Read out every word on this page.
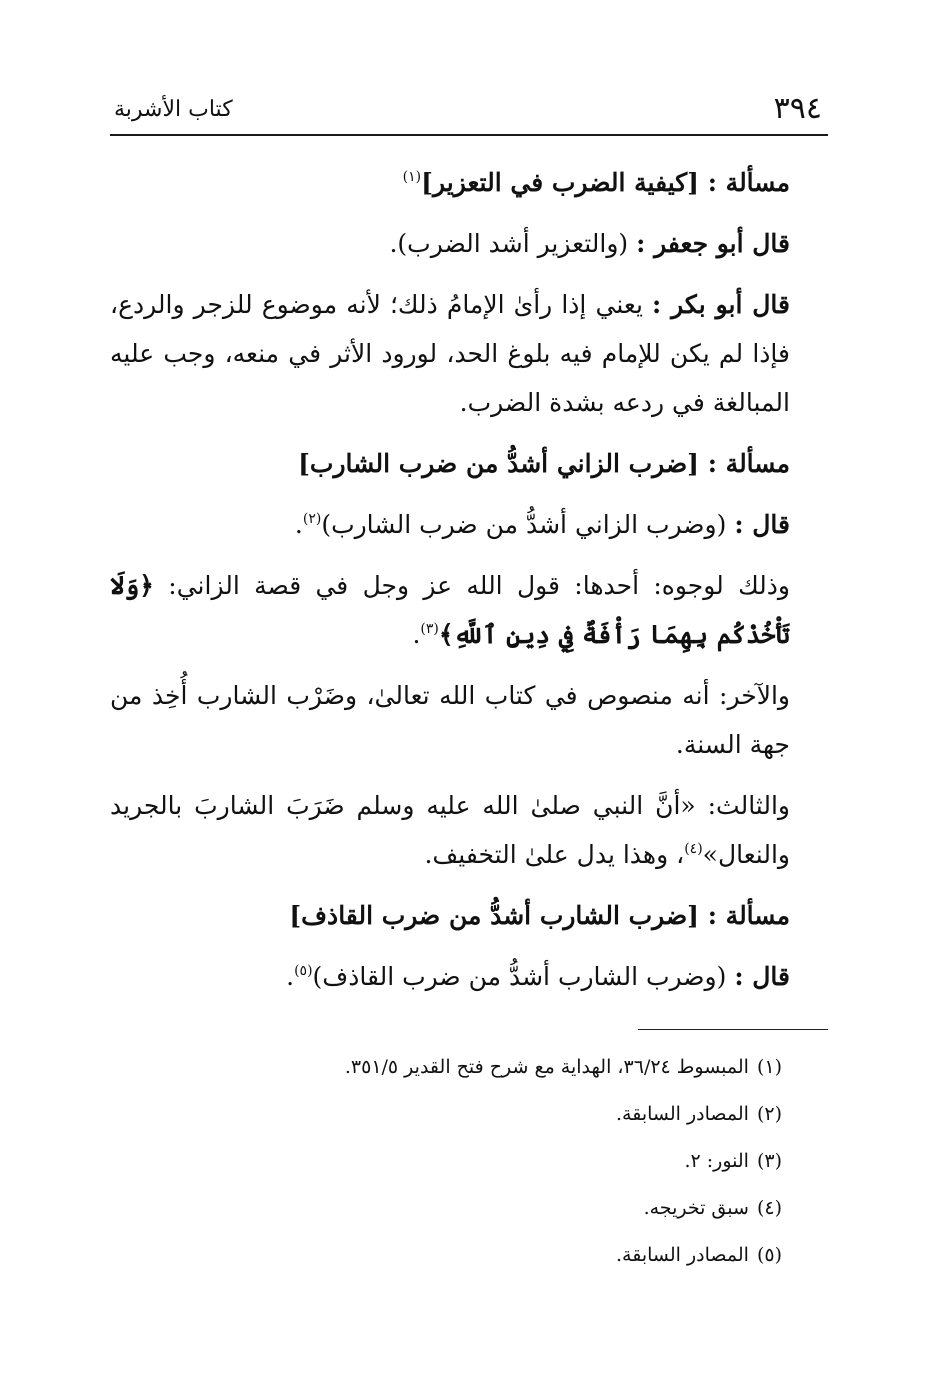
٣٩٤
كتاب الأشربة

مسألة : [كيفية الضرب في التعزير]$^{(١)}$

قال أبو جعفر : (والتعزير أشد الضرب).

قال أبو بكر : يعني إذا رأىٰ الإمامُ ذلك؛ لأنه موضوع للزجر والردع، فإذا لم يكن للإمام فيه بلوغ الحد، لورود الأثر في منعه، وجب عليه المبالغة في ردعه بشدة الضرب.

مسألة : [ضرب الزاني أشدُّ من ضرب الشارب]

قال : (وضرب الزاني أشدُّ من ضرب الشارب)$^{(٢)}$.

وذلك لوجوه: أحدها: قول الله عز وجل في قصة الزاني: ﴿وَلَا تَأْخُذْكُم بِهِمَا رَأْفَةٌ فِي دِينِ ٱللَّهِ﴾$^{(٣)}$.

والآخر: أنه منصوص في كتاب الله تعالىٰ، وضَرْب الشارب أُخِذ من جهة السنة.

والثالث: «أنَّ النبي صلىٰ الله عليه وسلم ضَرَبَ الشاربَ بالجريد والنعال»$^{(٤)}$، وهذا يدل علىٰ التخفيف.

مسألة : [ضرب الشارب أشدُّ من ضرب القاذف]

قال : (وضرب الشارب أشدُّ من ضرب القاذف)$^{(٥)}$.

(١)المبسوط ٣٦/٢٤، الهداية مع شرح فتح القدير ٣٥١/٥.
(٢)المصادر السابقة.
(٣)النور: ٢.
(٤)سبق تخريجه.
(٥)المصادر السابقة.
